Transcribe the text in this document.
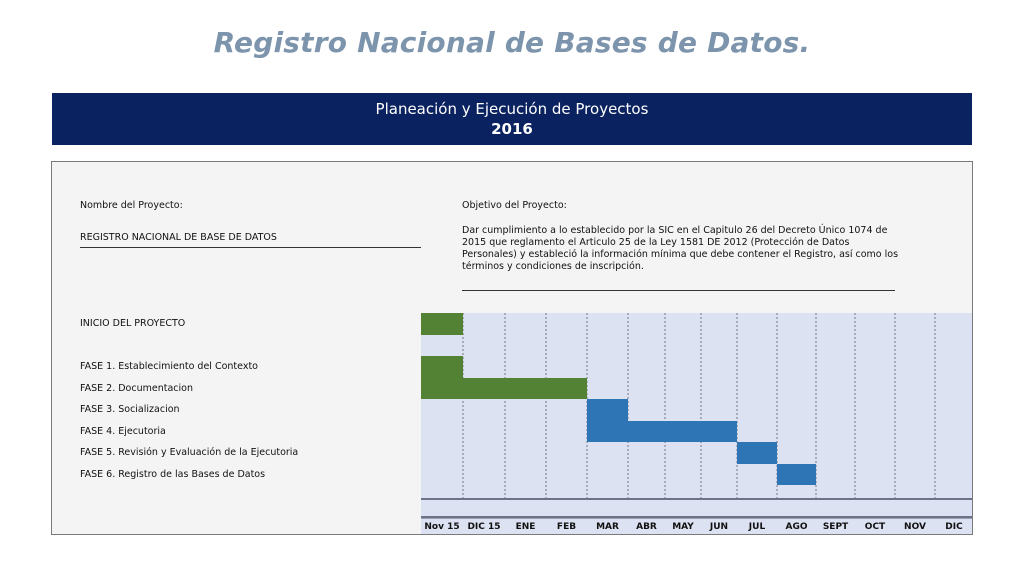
Registro Nacional de Bases de Datos.
Planeación y Ejecución de Proyectos
2016
Nombre del Proyecto:
REGISTRO NACIONAL DE BASE DE DATOS
Objetivo del Proyecto:
Dar cumplimiento a lo establecido por la SIC en el Capitulo 26 del Decreto Único 1074 de 2015 que reglamento el Articulo 25 de la Ley 1581 DE 2012 (Protección de Datos Personales) y estableció la información mínima que debe contener el Registro, así como los términos y condiciones de inscripción.
INICIO DEL PROYECTO
FASE 1. Establecimiento del Contexto
FASE 2. Documentacion
FASE 3. Socializacion
FASE 4. Ejecutoria
FASE 5. Revisión y Evaluación de la Ejecutoria
FASE 6. Registro de las Bases de Datos
Nov 15 DIC 15	ENE	FEB	MAR	ABR	MAY	JUN	JUL	AGO	SEPT	OCT	NOV	DIC
